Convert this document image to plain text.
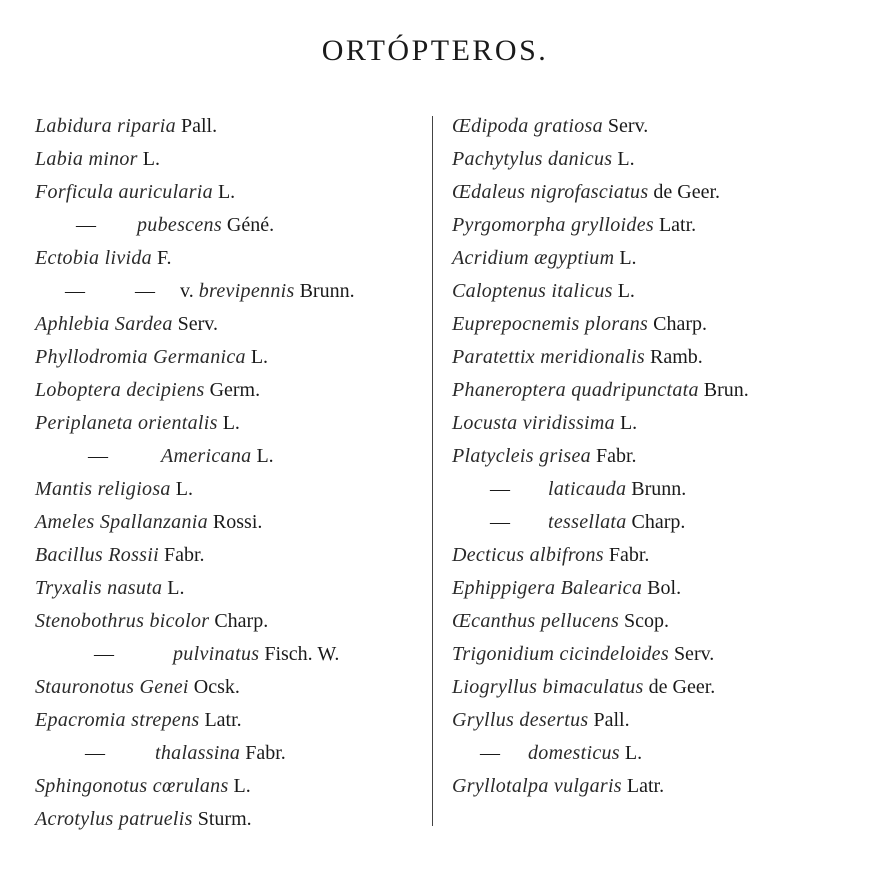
ORTÓPTEROS.
Labidura riparia Pall.
Labia minor L.
Forficula auricularia L.
— pubescens Géné.
Ectobia livida F.
—	— v. brevipennis Brunn.
Aphlebia Sardea Serv.
Phyllodromia Germanica L.
Loboptera decipiens Germ.
Periplaneta orientalis L.
—	Americana L.
Mantis religiosa L.
Ameles Spallanzania Rossi.
Bacillus Rossii Fabr.
Tryxalis nasuta L.
Stenobothrus bicolor Charp.
—	pulvinatus Fisch. W.
Stauronotus Genei Ocsk.
Epacromia strepens Latr.
—	thalassina Fabr.
Sphingonotus cœrulans L.
Acrotylus patruelis Sturm.
Œdipoda gratiosa Serv.
Pachytylus danicus L.
Œdaleus nigrofasciatus de Geer.
Pyrgomorpha grylloides Latr.
Acridium ægyptium L.
Caloptenus italicus L.
Euprepocnemis plorans Charp.
Paratettix meridionalis Ramb.
Phaneroptera quadripunctata Brun.
Locusta viridissima L.
Platycleis grisea Fabr.
— laticauda Brunn.
— tessellata Charp.
Decticus albifrons Fabr.
Ephippigera Balearica Bol.
Œcanthus pellucens Scop.
Trigonidium cicindeloides Serv.
Liogryllus bimaculatus de Geer.
Gryllus desertus Pall.
— domesticus L.
Gryllotalpa vulgaris Latr.
